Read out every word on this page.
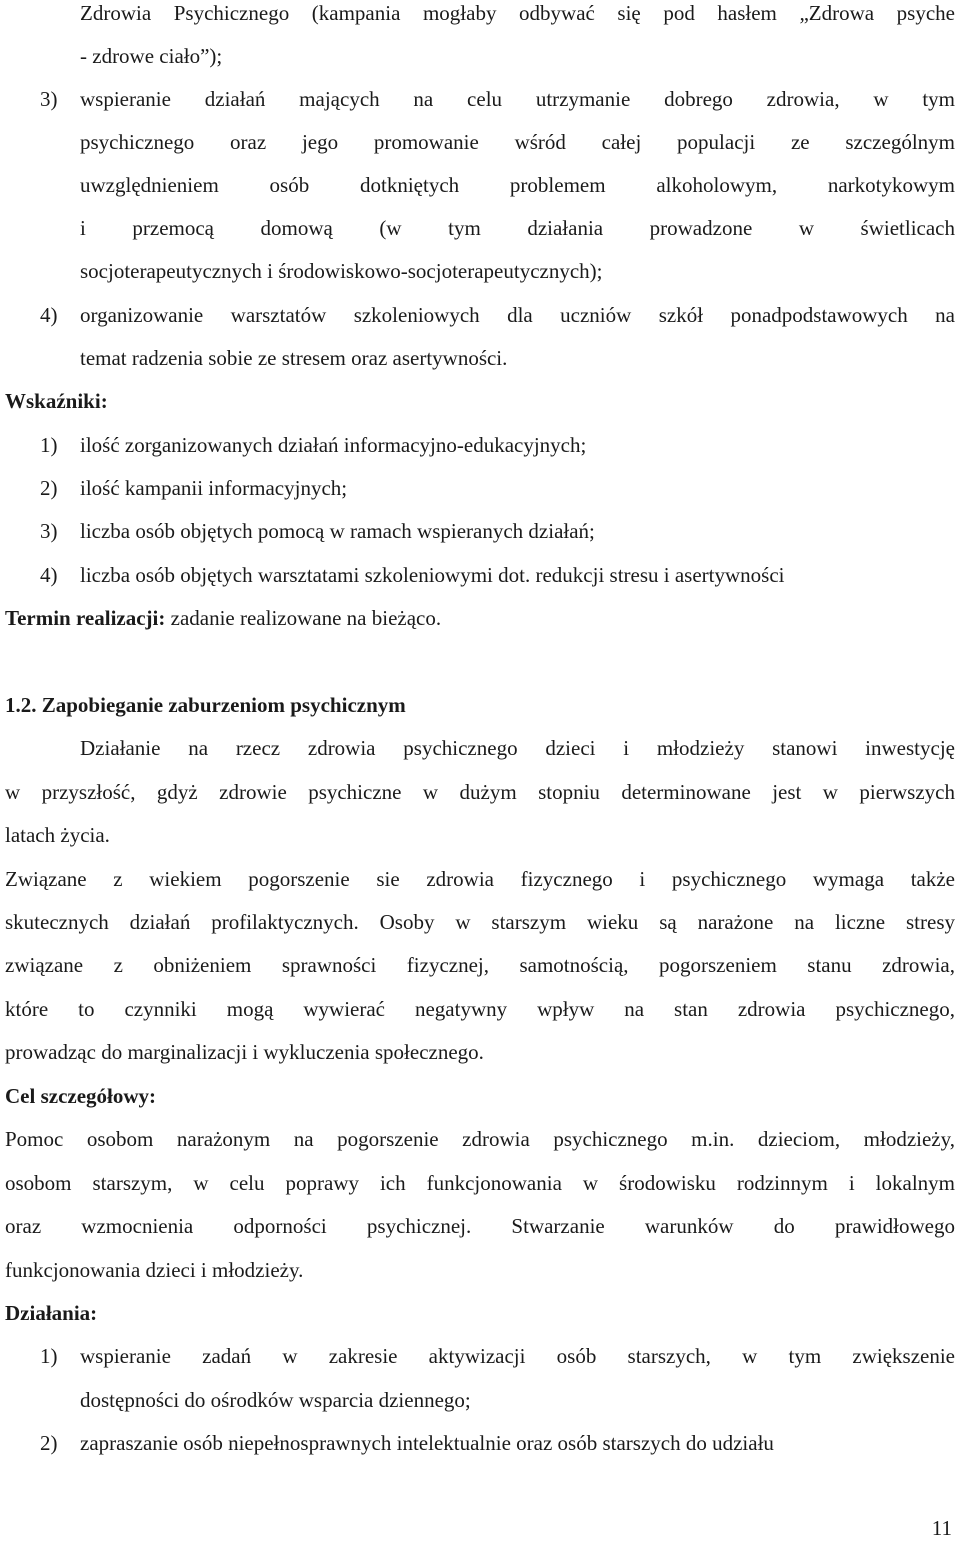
Zdrowia Psychicznego (kampania mogłaby odbywać się pod hasłem „Zdrowa psyche
- zdrowe ciało”);
3) wspieranie działań mających na celu utrzymanie dobrego zdrowia, w tym
psychicznego oraz jego promowanie wśród całej populacji ze szczególnym
uwzględnieniem osób dotkniętych problemem alkoholowym, narkotykowym
i przemocą domową (w tym działania prowadzone w świetlicach
socjoterapeutycznych i środowiskowo-socjoterapeutycznych);
4) organizowanie warsztatów szkoleniowych dla uczniów szkół ponadpodstawowych na
temat radzenia sobie ze stresem oraz asertywności.
Wskaźniki:
1) ilość zorganizowanych działań informacyjno-edukacyjnych;
2) ilość kampanii informacyjnych;
3) liczba osób objętych pomocą w ramach wspieranych działań;
4) liczba osób objętych warsztatami szkoleniowymi dot. redukcji stresu i asertywności
Termin realizacji: zadanie realizowane na bieżąco.
1.2. Zapobieganie zaburzeniom psychicznym
Działanie na rzecz zdrowia psychicznego dzieci i młodzieży stanowi inwestycję
w przyszłość, gdyż zdrowie psychiczne w dużym stopniu determinowane jest w pierwszych
latach życia.
Związane z wiekiem pogorszenie sie zdrowia fizycznego i psychicznego wymaga także
skutecznych działań profilaktycznych. Osoby w starszym wieku są narażone na liczne stresy
związane z obniżeniem sprawności fizycznej, samotnością, pogorszeniem stanu zdrowia,
które to czynniki mogą wywierać negatywny wpływ na stan zdrowia psychicznego,
prowadząc do marginalizacji i wykluczenia społecznego.
Cel szczegółowy:
Pomoc osobom narażonym na pogorszenie zdrowia psychicznego m.in. dzieciom, młodzieży,
osobom starszym, w celu poprawy ich funkcjonowania w środowisku rodzinnym i lokalnym
oraz wzmocnienia odporności psychicznej. Stwarzanie warunków do prawidłowego
funkcjonowania dzieci i młodzieży.
Działania:
1) wspieranie zadań w zakresie aktywizacji osób starszych, w tym zwiększenie
dostępności do ośrodków wsparcia dziennego;
2) zapraszanie osób niepełnosprawnych intelektualnie oraz osób starszych do udziału
11
